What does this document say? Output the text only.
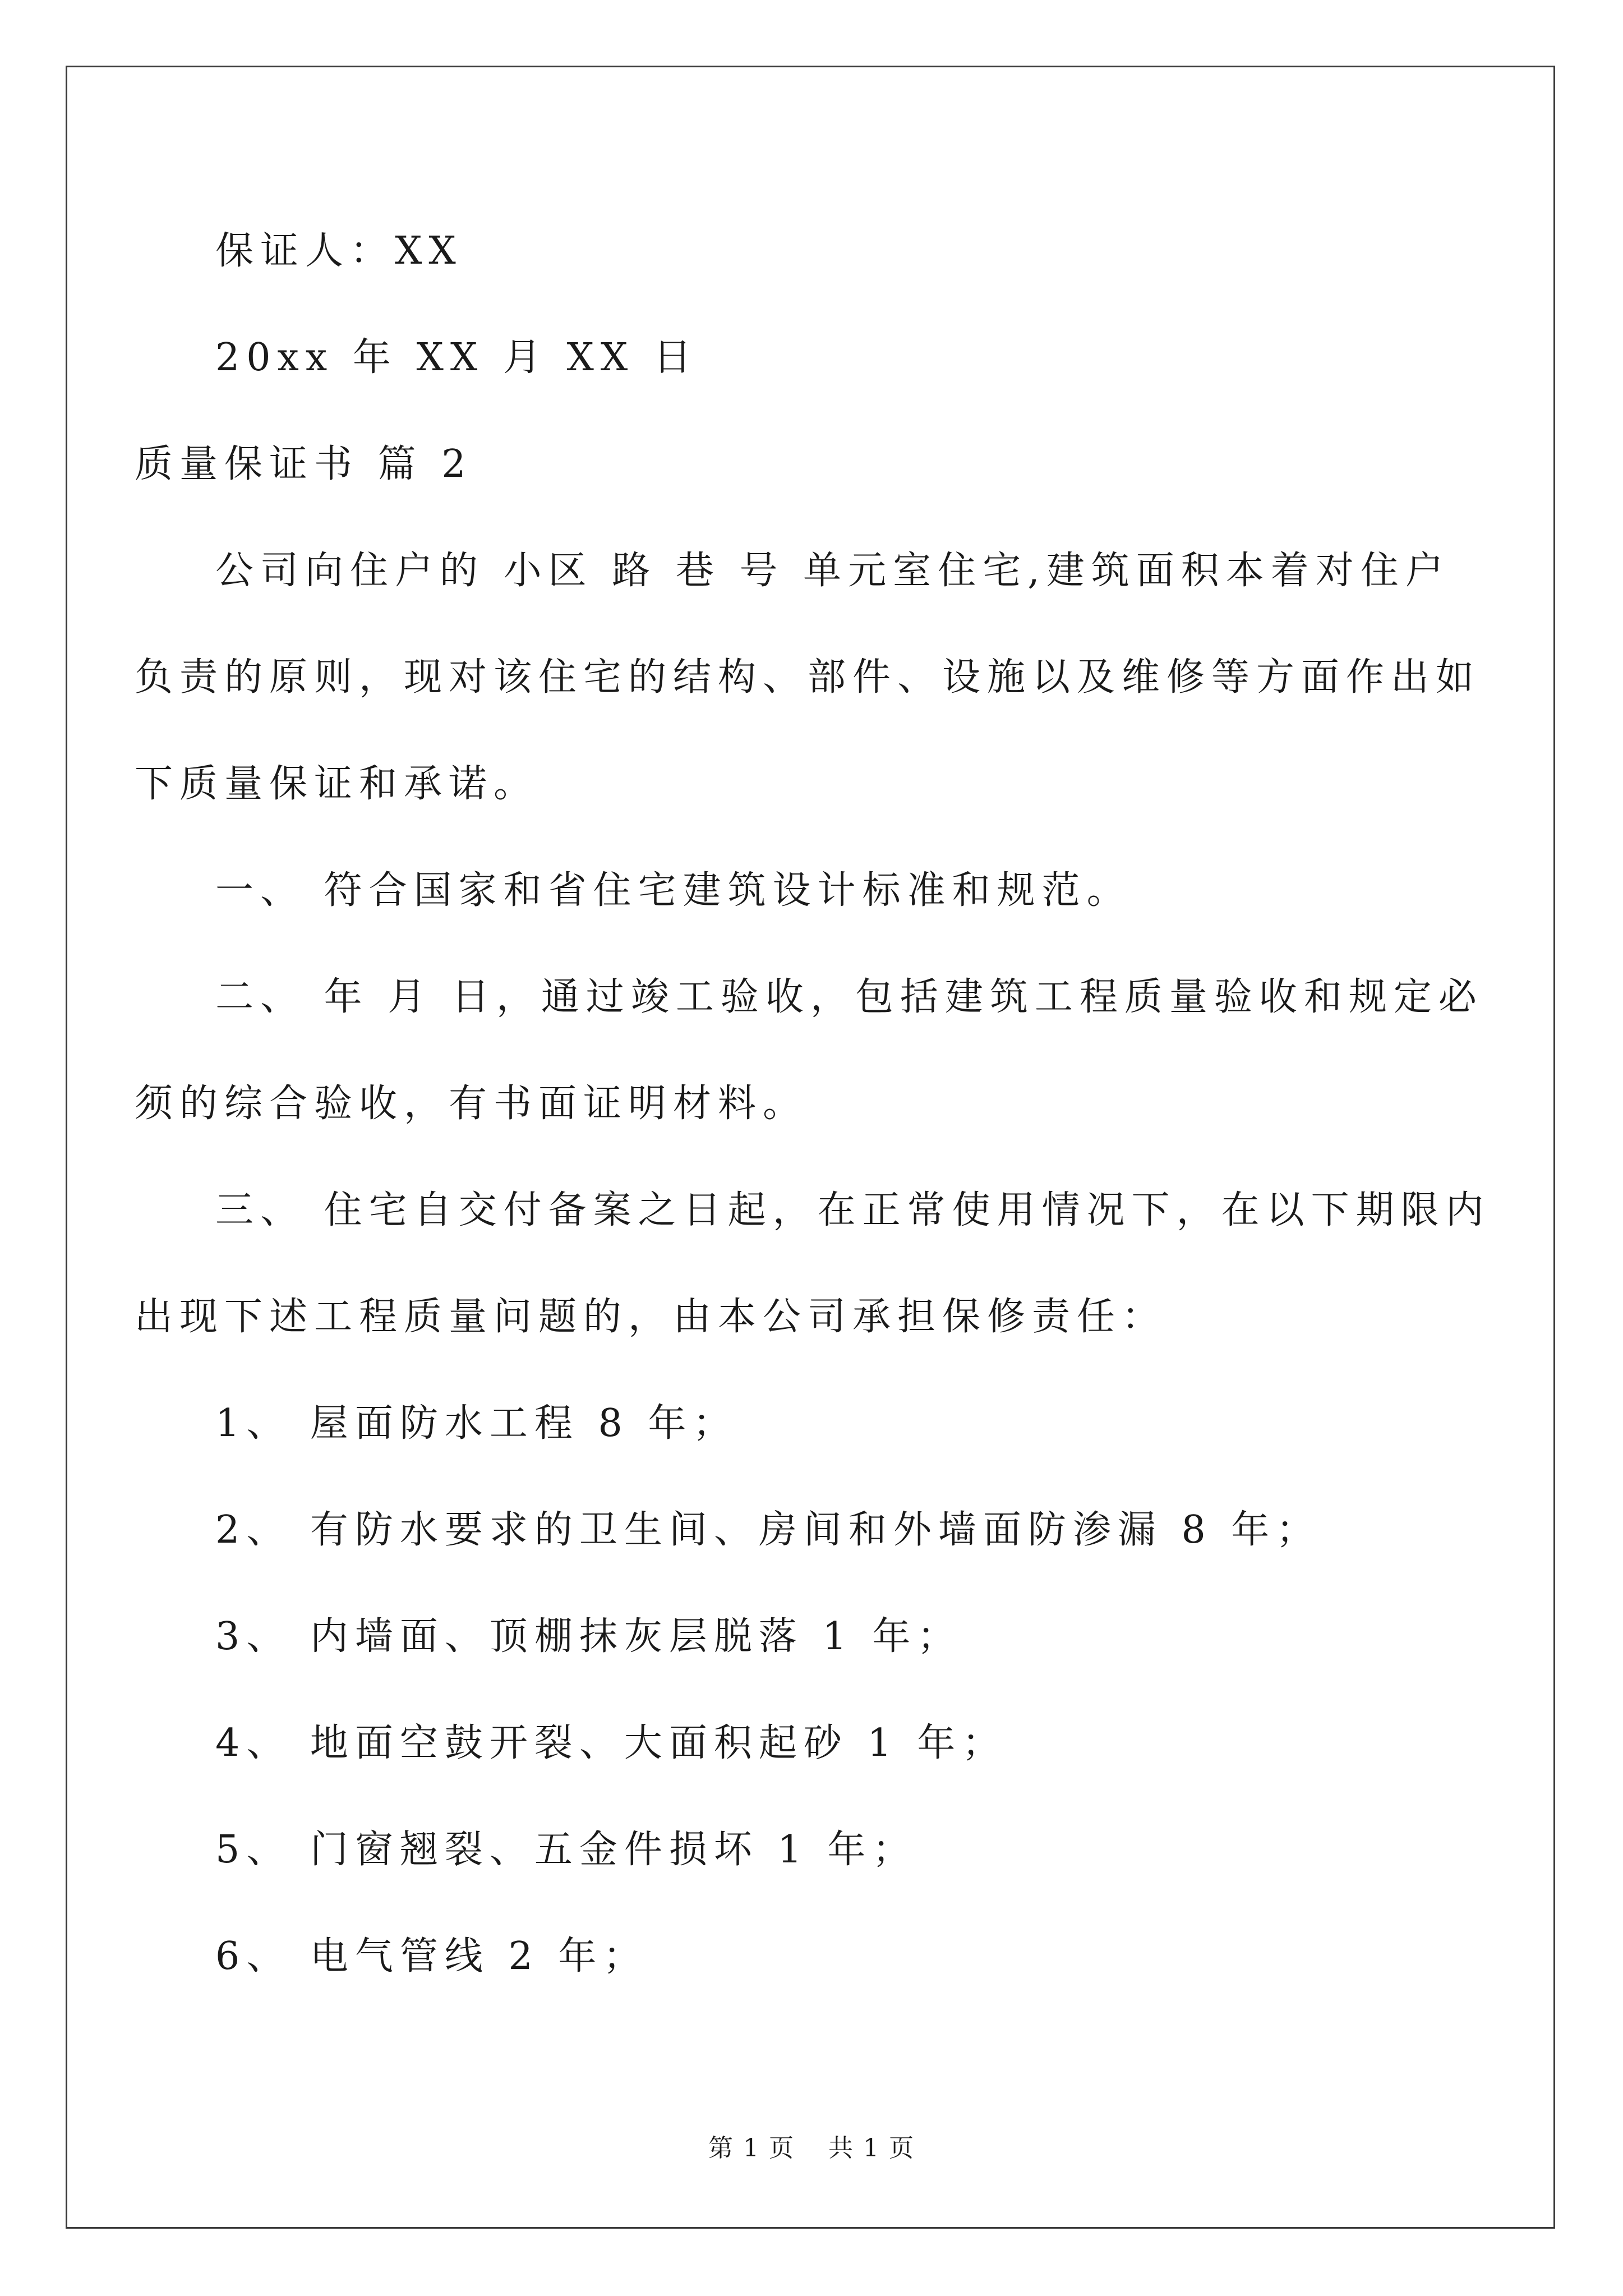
保证人：XX
20xx 年 XX 月 XX 日
质量保证书 篇 2
公司向住户的 小区 路 巷 号 单元室住宅,建筑面积本着对住户
负责的原则，现对该住宅的结构、部件、设施以及维修等方面作出如
下质量保证和承诺。
一、 符合国家和省住宅建筑设计标准和规范。
二、 年 月 日，通过竣工验收，包括建筑工程质量验收和规定必
须的综合验收，有书面证明材料。
三、 住宅自交付备案之日起，在正常使用情况下，在以下期限内
出现下述工程质量问题的，由本公司承担保修责任：
1、 屋面防水工程 8 年；
2、 有防水要求的卫生间、房间和外墙面防渗漏 8 年；
3、 内墙面、顶棚抹灰层脱落 1 年；
4、 地面空鼓开裂、大面积起砂 1 年；
5、 门窗翘裂、五金件损坏 1 年；
6、 电气管线 2 年；
第 1 页 共 1 页
